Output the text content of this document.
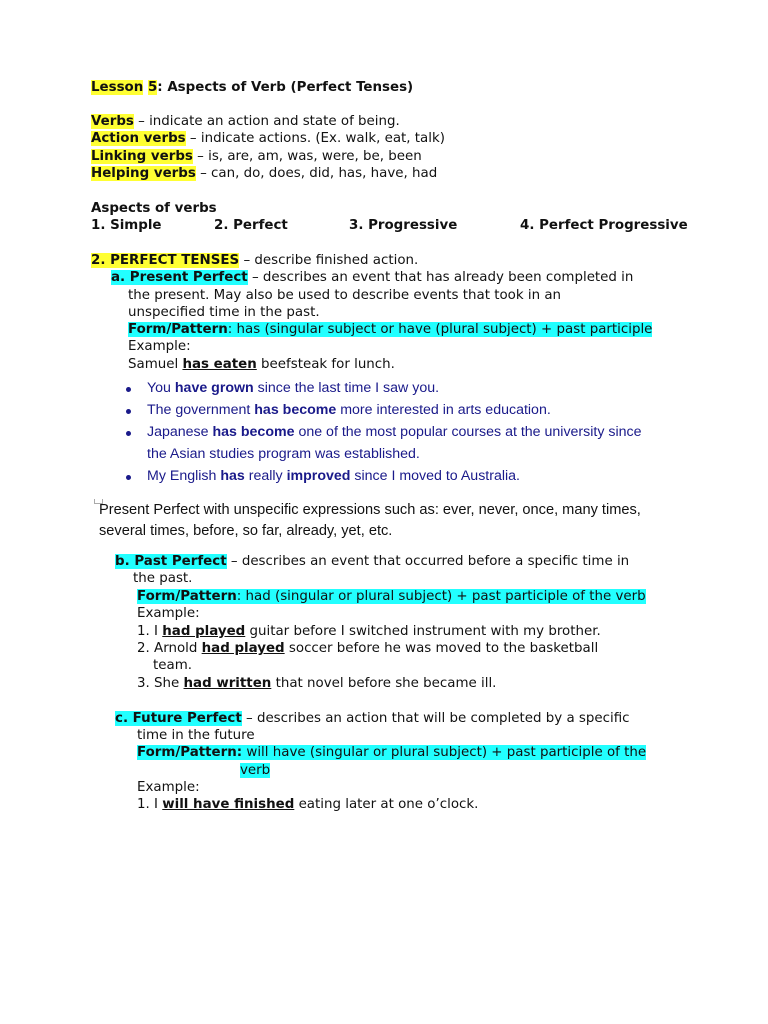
Lesson 5: Aspects of Verb (Perfect Tenses)
Verbs – indicate an action and state of being.
Action verbs – indicate actions. (Ex. walk, eat, talk)
Linking verbs – is, are, am, was, were, be, been
Helping verbs – can, do, does, did, has, have, had
Aspects of verbs
1. Simple	2. Perfect	3. Progressive	4. Perfect Progressive
2. PERFECT TENSES – describe finished action.
a. Present Perfect – describes an event that has already been completed in
the present. May also be used to describe events that took in an
unspecified time in the past.
Form/Pattern: has (singular subject or have (plural subject) + past participle
Example:
Samuel has eaten beefsteak for lunch.
You have grown since the last time I saw you.
The government has become more interested in arts education.
Japanese has become one of the most popular courses at the university since
the Asian studies program was established.
My English has really improved since I moved to Australia.
Present Perfect with unspecific expressions such as: ever, never, once, many times,
several times, before, so far, already, yet, etc.
b. Past Perfect – describes an event that occurred before a specific time in
the past.
Form/Pattern: had (singular or plural subject) + past participle of the verb
Example:
1. I had played guitar before I switched instrument with my brother.
2. Arnold had played soccer before he was moved to the basketball
team.
3. She had written that novel before she became ill.
c. Future Perfect – describes an action that will be completed by a specific
time in the future
Form/Pattern: will have (singular or plural subject) + past participle of the
verb
Example:
1. I will have finished eating later at one o’clock.
